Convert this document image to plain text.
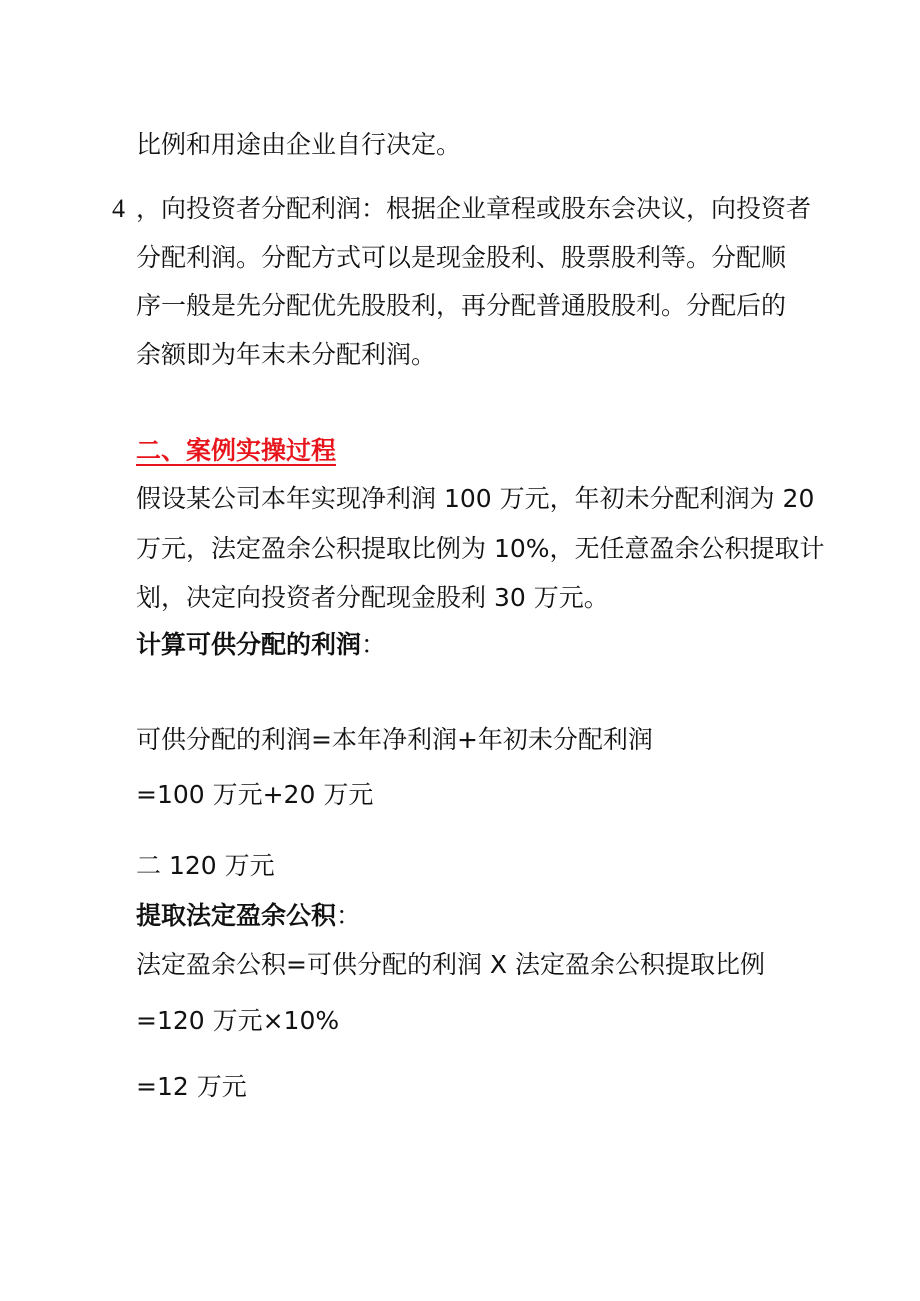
比例和用途由企业自行决定。
4 ，向投资者分配利润：根据企业章程或股东会决议，向投资者
分配利润。分配方式可以是现金股利、股票股利等。分配顺
序一般是先分配优先股股利，再分配普通股股利。分配后的
余额即为年末未分配利润。
二、案例实操过程
假设某公司本年实现净利润 100 万元，年初未分配利润为 20
万元，法定盈余公积提取比例为 10%，无任意盈余公积提取计
划，决定向投资者分配现金股利 30 万元。
计算可供分配的利润：
可供分配的利润=本年净利润+年初未分配利润
=100 万元+20 万元
二 120 万元
提取法定盈余公积：
法定盈余公积=可供分配的利润 X 法定盈余公积提取比例
=120 万元×10%
=12 万元
